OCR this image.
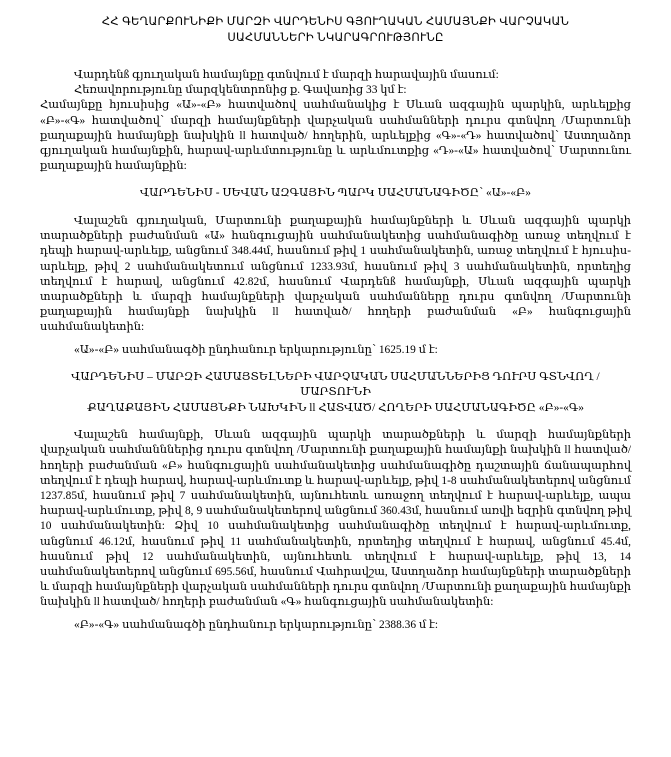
ՀՀ ԳԵՂԱՐՔՈՒՆԻՔԻ ՄԱՐԶԻ ՎԱՐԴԵՆԻՍ ԳՅՈՒՂԱԿԱՆ ՀԱՄԱՅՆՔԻ ՎԱՐՉԱԿԱՆ
ՍԱՀՄԱՆՆԵՐԻ ՆԿԱՐԱԳՐՈՒԹՅՈՒՆԸ

Վարդենß գյուղական համայնքը գտնվում է մարզի հարավային մասում:

Հեռավորությունը մարզկենտրոնից ք. Գավառից 33 կմ է:

Համայնքը հյուսիսից «Ա»-«Բ» հատվածով սահմանակից է Սևան ազգային պարկին, արևելքից «Բ»-«Գ» հատվածով՝ մարզի համայնքների վարչական սահմանների դուրս գտնվող /Մարտունի քաղաքային համայնքի նախկին ll հատված/ հողերին, արևելքից «Գ»-«Դ» հատվածով՝ Աստղաձոր գյուղական համայնքին, հարավ-արևմտությունը և արևմուտքից «Դ»-«Ա» հատվածով՝ Մարտունու քաղաքային համայնքին:

ՎԱՐԴԵՆԻՍ - ՍԵՎԱՆ ԱԶԳԱՅԻՆ ՊԱՐԿ ՍԱՀՄԱՆԱԳԻԾԸ՝ «Ա»-«Բ»

Վալաշեն գյուղական, Մարտունի քաղաքային համայնքների և Սևան ազգային պարկի տարածքների բաժանման «Ա» հանգուցային սահմանակետից սահմանագիծը առաջ տեղվում է դեպի հարավ-արևելք, անցնում 348.44մ, հասնում թիվ 1 սահմանակետին, առաջ տեղվում է հյուսիս-արևելք, թիվ 2 սահմանակետում անցնում 1233.93մ, հասնում թիվ 3 սահմանակետին, որտեղից տեղվում է հարավ, անցնում 42.82մ, հասնում Վարդենß համայնքի, Սևան ազգային պարկի տարածքների և մարզի համայնքների վարչական սահմանները դուրս գտնվող /Մարտունի քաղաքային համայնքի նախկին ll հատված/ հողերի բաժանման «Բ» հանգուցային սահմանակետին:

«Ա»-«Բ» սահմանագծի ընդհանուր երկարությունը՝ 1625.19 մ է:

ՎԱՐԴԵՆԻՍ – ՄԱՐԶԻ ՀԱՄԱՅՏԵԼՆԵՐԻ ՎԱՐՉԱԿԱՆ ՍԱՀՄԱՆՆԵՐԻՑ ԴՈՒՐՍ ԳՏՆՎՈՂ /ՄԱՐՏՈՒՆԻ
ՔԱՂԱՔԱՅԻՆ ՀԱՄԱՅՆՔԻ ՆԱԽԿԻՆ ll ՀԱՏՎԱԾ/ ՀՈՂԵՐԻ ՍԱՀՄԱՆԱԳԻԾԸ «Բ»-«Գ»

Վալաշեն համայնքի, Սևան ազգային պարկի տարածքների և մարզի համայնքների վարչական սահմանններից դուրս գտնվող /Մարտունի քաղաքային համայնքի նախկին ll հատված/ հողերի բաժանման «Բ» հանգուցային սահմանակետից սահմանագիծը դաշտային ճանապարհով տեղվում է դեպի հարավ, հարավ-արևմուտք և հարավ-արևելք, թիվ 1-8 սահմանակետերով անցնում 1237.85մ, հասնում թիվ 7 սահմանակետին, այնուհետև առաջող տեղվում է հարավ-արևելք, ապա հարավ-արևմուտք, թիվ 8, 9 սահմանակետերով անցնում 360.43մ, հասնում առվի եզրին գտնվող թիվ 10 սահմանակետին: Ձիվ 10 սահմանակետից սահմանագիծը տեղվում է հարավ-արևմուտք, անցնում 46.12մ, հասնում թիվ 11 սահմանակետին, որտեղից տեղվում է հարավ, անցնում 45.4մ, հասնում թիվ 12 սահմանակետին, այնուհետև տեղվում է հարավ-արևելք, թիվ 13, 14 սահմանակետերով անցնում 695.56մ, հասնում Վահրավշա, Աստղաձոր համայնքների տարածքների և մարզի համայնքների վարչական սահմանների դուրս գտնվող /Մարտունի քաղաքային համայնքի նախկին ll հատված/ հողերի բաժանման «Գ» հանգուցային սահմանակետին:

«Բ»-«Գ» սահմանագծի ընդհանուր երկարությունը՝ 2388.36 մ է:
